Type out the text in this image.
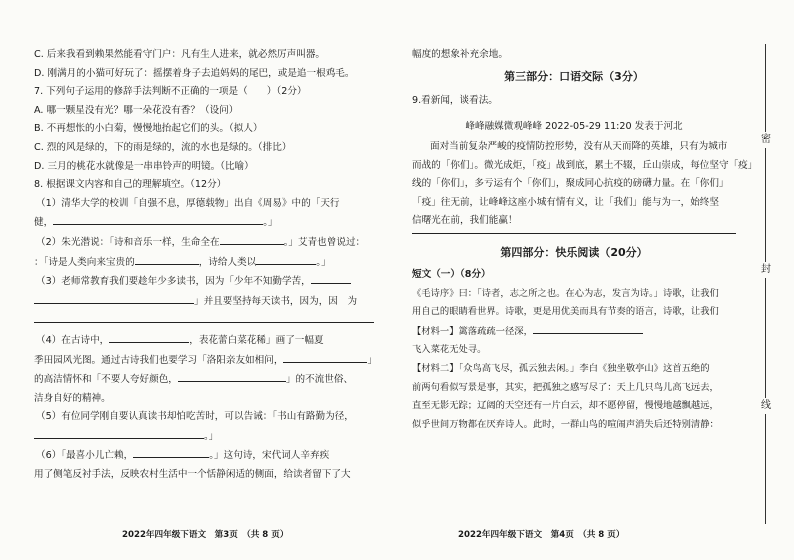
C. 后来我看到赖果然能看守门户：凡有生人进来，就必然厉声叫器。
D. 刚满月的小猫可好玩了：摇摆着身子去追妈妈的尾巴，或是追一根鸡毛。
7. 下列句子运用的修辞手法判断不正确的一项是（　　）（2分）
A. 哪一颗星没有光？哪一朵花没有香？（设问）
B. 不再想怅的小白菊，慢慢地抬起它们的头。（拟人）
C. 烈的风是绿的，下的雨是绿的，流的水也是绿的。（排比）
D. 三月的桃花水就像是一串串铃声的明镜。（比喻）
8. 根据课文内容和自己的理解填空。（12分）
（1）清华大学的校训「自强不息，厚德载物」出自《周易》中的「天行
健，	。」
（2）朱光潜说：「诗和音乐一样，生命全在	。」艾青也曾说过：
：「诗是人类向来宝贵的	，诗给人类以	。」
（3）老师常教育我们要趁年少多读书，因为「少年不知勤学苦，
」并且要坚持每天读书，因为，因　为
（4）在古诗中，	，表花蕾白菜花稀」画了一幅夏
季田园风光图。通过古诗我们也要学习「洛阳亲友如相问，	」
的高洁情怀和「不要人夸好颜色，	」的不流世俗、
洁身自好的精神。
（5）有位同学刚自要认真读书却怕吃苦时，可以告诫：「书山有路勤为径，
。」
（6）「最喜小儿亡赖，	。」这句诗，宋代词人辛弃疾
用了侧笔反衬手法，反映农村生活中一个恬静闲适的侧面，给读者留下了大
2022年四年级下语文　第3页　（共 8 页）
幅度的想象补充余地。
第三部分：口语交际（3分）
9.看新闻，谈看法。
峰峰融媒微观峰峰 2022-05-29 11:20 发表于河北
面对当前复杂严峻的疫情防控形势，没有从天而降的英雄，只有为城市
而战的「你们」。微光成炬，「疫」战到底，累土不辍，丘山崇成，每位坚守「疫」
线的「你们」，多亏运有个「你们」，聚成同心抗疫的磅礴力量。在「你们」
「疫」往无前，让峰峰这座小城有情有义，让「我们」能与为一，始终坚
信曙光在前，我们能赢！
第四部分：快乐阅读（20分）
短文（一）（8分）
《毛诗序》曰：「诗者，志之所之也。在心为志，发言为诗。」诗歌，让我们
用自己的眼睛看世界。诗歌，更是用优美而具有节奏的语言，诗歌，让我们
【材料一】篱落疏疏一径深，
飞入菜花无处寻。
【材料二】「众鸟高飞尽，孤云独去闲。」李白《独坐敬亭山》这首五绝的
前两句看似写景是事，其实，把孤独之感写尽了：天上几只鸟儿高飞远去，
直至无影无踪；辽阔的天空还有一片白云，却不愿停留，慢慢地越飘越远，
似乎世间万物都在厌弃诗人。此时，一群山鸟的喧闹声消失后还特别清静：
2022年四年级下语文　第4页　（共 8 页）
密
封
线
